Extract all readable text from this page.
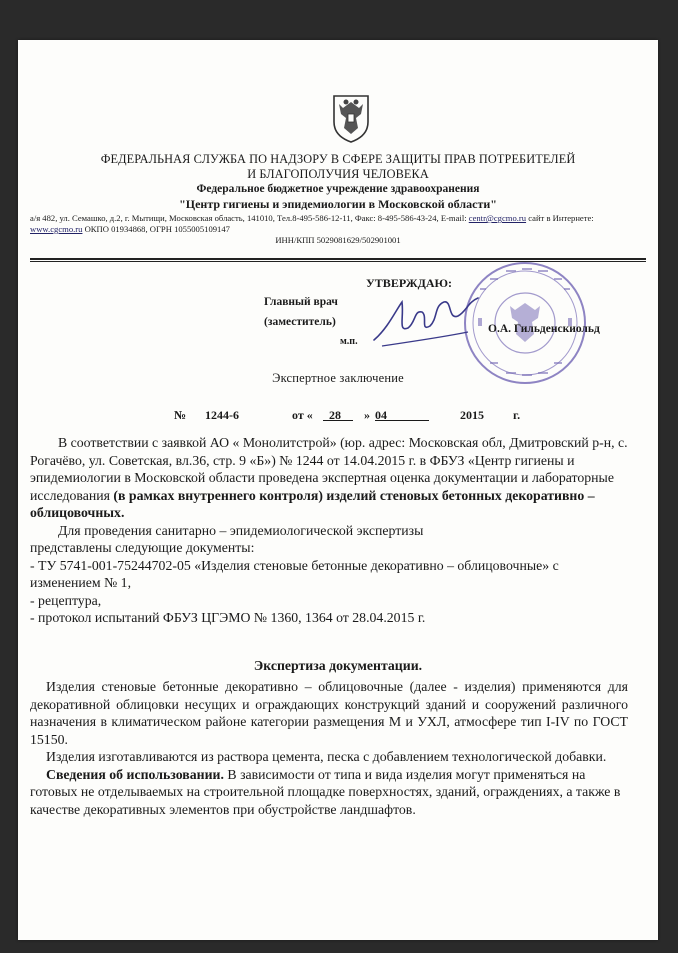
ФЕДЕРАЛЬНАЯ СЛУЖБА ПО НАДЗОРУ В СФЕРЕ ЗАЩИТЫ ПРАВ ПОТРЕБИТЕЛЕЙ
И БЛАГОПОЛУЧИЯ ЧЕЛОВЕКА
Федеральное бюджетное учреждение здравоохранения
"Центр гигиены и эпидемиологии в Московской области"
а/я 482, ул. Семашко, д.2, г. Мытищи, Московская область, 141010, Тел.8-495-586-12-11, Факс: 8-495-586-43-24, E-mail: centr@cgcmo.ru сайт в Интернете: www.cgcmo.ru ОКПО 01934868, ОГРН 1055005109147
ИНН/КПП 5029081629/502901001
УТВЕРЖДАЮ:
Главный врач
(заместитель)
м.п.
О.А. Гильденскиольд
Экспертное заключение
№ 1244-6	от «	28	» 04	2015 г.

В соответствии с заявкой АО « Монолитстрой» (юр. адрес: Московская обл, Дмитровский р-н, с. Рогачёво, ул. Советская, вл.36, стр. 9 «Б») № 1244 от 14.04.2015 г. в ФБУЗ «Центр гигиены и эпидемиологии в Московской области проведена экспертная оценка документации и лабораторные исследования (в рамках внутреннего контроля) изделий стеновых бетонных декоративно – облицовочных.

Для проведения санитарно – эпидемиологической экспертизы

представлены следующие документы:

- ТУ 5741-001-75244702-05 «Изделия стеновые бетонные декоративно – облицовочные» с изменением № 1,

- рецептура,

- протокол испытаний ФБУЗ ЦГЭМО № 1360, 1364 от 28.04.2015 г.

Экспертиза документации.

Изделия стеновые бетонные декоративно – облицовочные (далее - изделия) применяются для декоративной облицовки несущих и ограждающих конструкций зданий и сооружений различного назначения в климатическом районе категории размещения М и УХЛ, атмосфере тип I-IV по ГОСТ 15150.

Изделия изготавливаются из раствора цемента, песка с добавлением технологической добавки.

Сведения об использовании. В зависимости от типа и вида изделия могут применяться на готовых не отделываемых на строительной площадке поверхностях, зданий, ограждениях, а также в качестве декоративных элементов при обустройстве ландшафтов.
